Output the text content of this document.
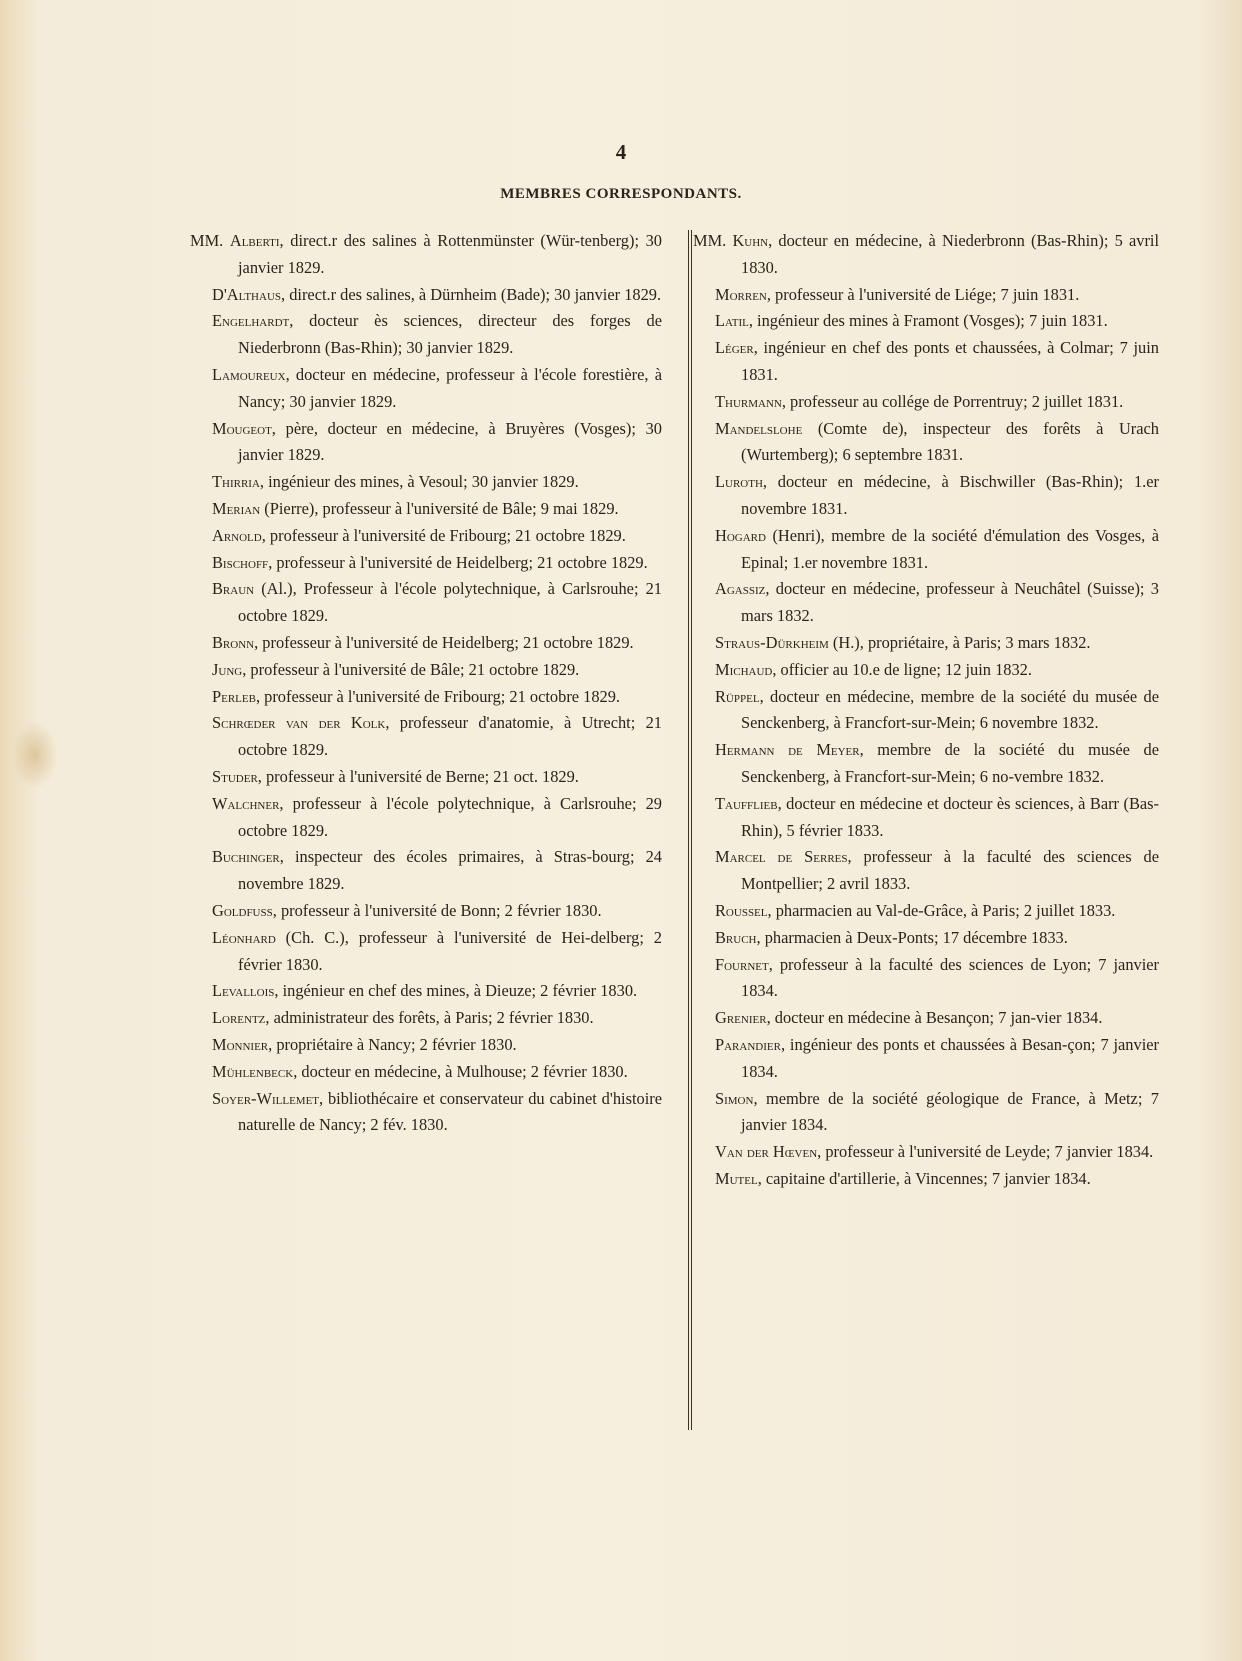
4
MEMBRES CORRESPONDANTS.

MM. Alberti, direct.r des salines à Rottenmünster (Wür-tenberg); 30 janvier 1829.

D'Althaus, direct.r des salines, à Dürnheim (Bade); 30 janvier 1829.

Engelhardt, docteur ès sciences, directeur des forges de Niederbronn (Bas-Rhin); 30 janvier 1829.

Lamoureux, docteur en médecine, professeur à l'école forestière, à Nancy; 30 janvier 1829.

Mougeot, père, docteur en médecine, à Bruyères (Vosges); 30 janvier 1829.

Thirria, ingénieur des mines, à Vesoul; 30 janvier 1829.

Merian (Pierre), professeur à l'université de Bâle; 9 mai 1829.

Arnold, professeur à l'université de Fribourg; 21 octobre 1829.

Bischoff, professeur à l'université de Heidelberg; 21 octobre 1829.

Braun (Al.), Professeur à l'école polytechnique, à Carlsrouhe; 21 octobre 1829.

Bronn, professeur à l'université de Heidelberg; 21 octobre 1829.

Jung, professeur à l'université de Bâle; 21 octobre 1829.

Perleb, professeur à l'université de Fribourg; 21 octobre 1829.

Schrœder van der Kolk, professeur d'anatomie, à Utrecht; 21 octobre 1829.

Studer, professeur à l'université de Berne; 21 oct. 1829.

Walchner, professeur à l'école polytechnique, à Carlsrouhe; 29 octobre 1829.

Buchinger, inspecteur des écoles primaires, à Stras-bourg; 24 novembre 1829.

Goldfuss, professeur à l'université de Bonn; 2 février 1830.

Léonhard (Ch. C.), professeur à l'université de Hei-delberg; 2 février 1830.

Levallois, ingénieur en chef des mines, à Dieuze; 2 février 1830.

Lorentz, administrateur des forêts, à Paris; 2 février 1830.

Monnier, propriétaire à Nancy; 2 février 1830.

Mühlenbeck, docteur en médecine, à Mulhouse; 2 février 1830.

Soyer-Willemet, bibliothécaire et conservateur du cabinet d'histoire naturelle de Nancy; 2 fév. 1830.

MM. Kuhn, docteur en médecine, à Niederbronn (Bas-Rhin); 5 avril 1830.

Morren, professeur à l'université de Liége; 7 juin 1831.

Latil, ingénieur des mines à Framont (Vosges); 7 juin 1831.

Léger, ingénieur en chef des ponts et chaussées, à Colmar; 7 juin 1831.

Thurmann, professeur au collége de Porrentruy; 2 juillet 1831.

Mandelslohe (Comte de), inspecteur des forêts à Urach (Wurtemberg); 6 septembre 1831.

Luroth, docteur en médecine, à Bischwiller (Bas-Rhin); 1.er novembre 1831.

Hogard (Henri), membre de la société d'émulation des Vosges, à Epinal; 1.er novembre 1831.

Agassiz, docteur en médecine, professeur à Neuchâtel (Suisse); 3 mars 1832.

Straus-Dürkheim (H.), propriétaire, à Paris; 3 mars 1832.

Michaud, officier au 10.e de ligne; 12 juin 1832.

Rüppel, docteur en médecine, membre de la société du musée de Senckenberg, à Francfort-sur-Mein; 6 novembre 1832.

Hermann de Meyer, membre de la société du musée de Senckenberg, à Francfort-sur-Mein; 6 no-vembre 1832.

Tauffliеb, docteur en médecine et docteur ès sciences, à Barr (Bas-Rhin), 5 février 1833.

Marcel de Serres, professeur à la faculté des sciences de Montpellier; 2 avril 1833.

Roussel, pharmacien au Val-de-Grâce, à Paris; 2 juillet 1833.

Bruch, pharmacien à Deux-Ponts; 17 décembre 1833.

Fournet, professeur à la faculté des sciences de Lyon; 7 janvier 1834.

Grenier, docteur en médecine à Besançon; 7 jan-vier 1834.

Parandier, ingénieur des ponts et chaussées à Besan-çon; 7 janvier 1834.

Simon, membre de la société géologique de France, à Metz; 7 janvier 1834.

Van der Hœven, professeur à l'université de Leyde; 7 janvier 1834.

Mutel, capitaine d'artillerie, à Vincennes; 7 janvier 1834.
